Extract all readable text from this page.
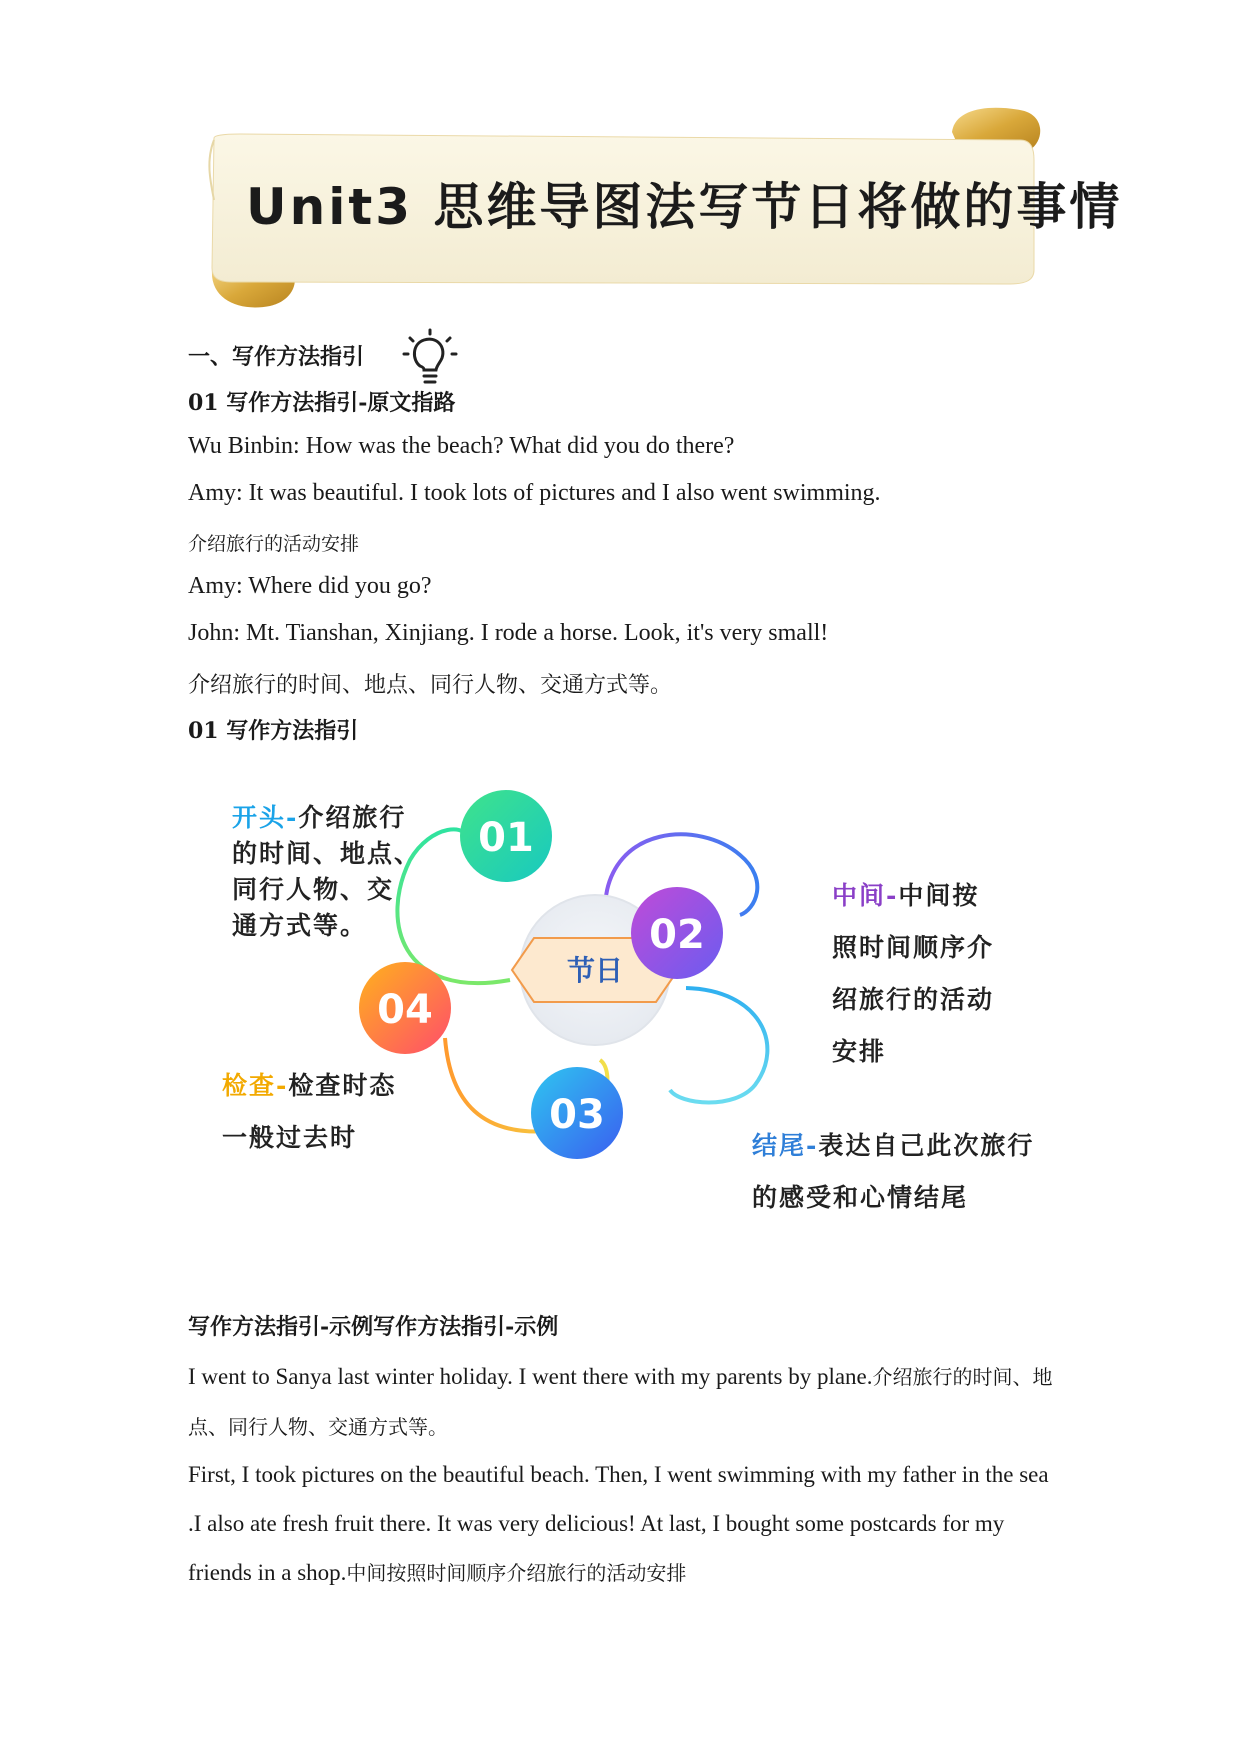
Unit3 思维导图法写节日将做的事情
一、写作方法指引
01 写作方法指引-原文指路
Wu Binbin: How was the beach? What did you do there?
Amy: It was beautiful. I took lots of pictures and I also went swimming.
介绍旅行的活动安排
Amy: Where did you go?
John: Mt. Tianshan, Xinjiang. I rode a horse. Look, it's very small!
介绍旅行的时间、地点、同行人物、交通方式等。
01 写作方法指引
节日
01
02
03
04
开头-介绍旅行
的时间、地点、
同行人物、交
通方式等。
中间-中间按
照时间顺序介
绍旅行的活动
安排
结尾-表达自己此次旅行
的感受和心情结尾
检查-检查时态
一般过去时
写作方法指引-示例写作方法指引-示例
I went to Sanya last winter holiday. I went there with my parents by plane.介绍旅行的时间、地点、同行人物、交通方式等。
First, I took pictures on the beautiful beach. Then, I went swimming with my father in the sea .I also ate fresh fruit there. It was very delicious! At last, I bought some postcards for my friends in a shop.中间按照时间顺序介绍旅行的活动安排
